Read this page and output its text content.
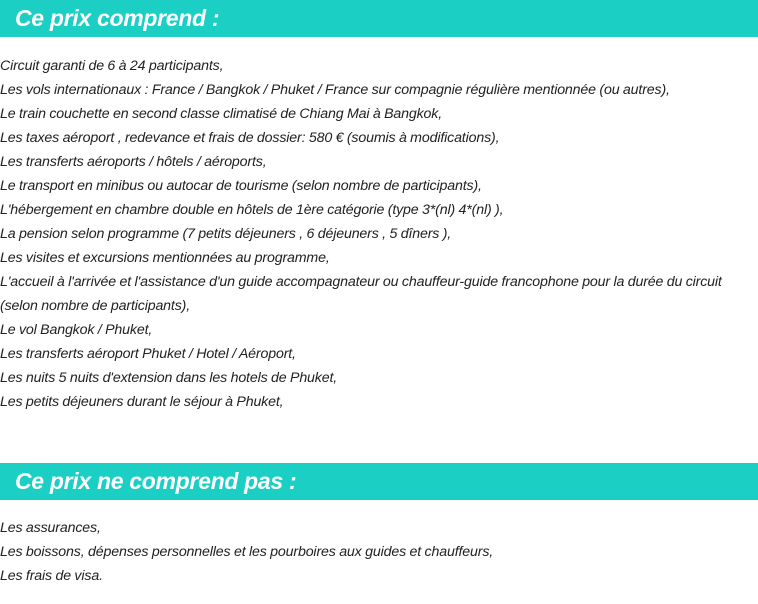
Ce prix comprend :
Circuit garanti de 6 à 24 participants,
Les vols internationaux : France / Bangkok / Phuket / France sur compagnie régulière mentionnée (ou autres),
Le train couchette en second classe climatisé de Chiang Mai à Bangkok,
Les taxes aéroport , redevance et frais de dossier: 580 € (soumis à modifications),
Les transferts aéroports / hôtels / aéroports,
Le transport en minibus ou autocar de tourisme (selon nombre de participants),
L'hébergement en chambre double en hôtels de 1ère catégorie (type 3*(nl) 4*(nl) ),
La pension selon programme (7 petits déjeuners , 6 déjeuners , 5 dîners ),
Les visites et excursions mentionnées au programme,
L'accueil à l'arrivée et l'assistance d'un guide accompagnateur ou chauffeur-guide francophone pour la durée du circuit (selon nombre de participants),
Le vol Bangkok / Phuket,
Les transferts aéroport Phuket / Hotel / Aéroport,
Les nuits 5 nuits d'extension dans les hotels de Phuket,
Les petits déjeuners durant le séjour à Phuket,
Ce prix ne comprend pas :
Les assurances,
Les boissons, dépenses personnelles et les pourboires aux guides et chauffeurs,
Les frais de visa.
